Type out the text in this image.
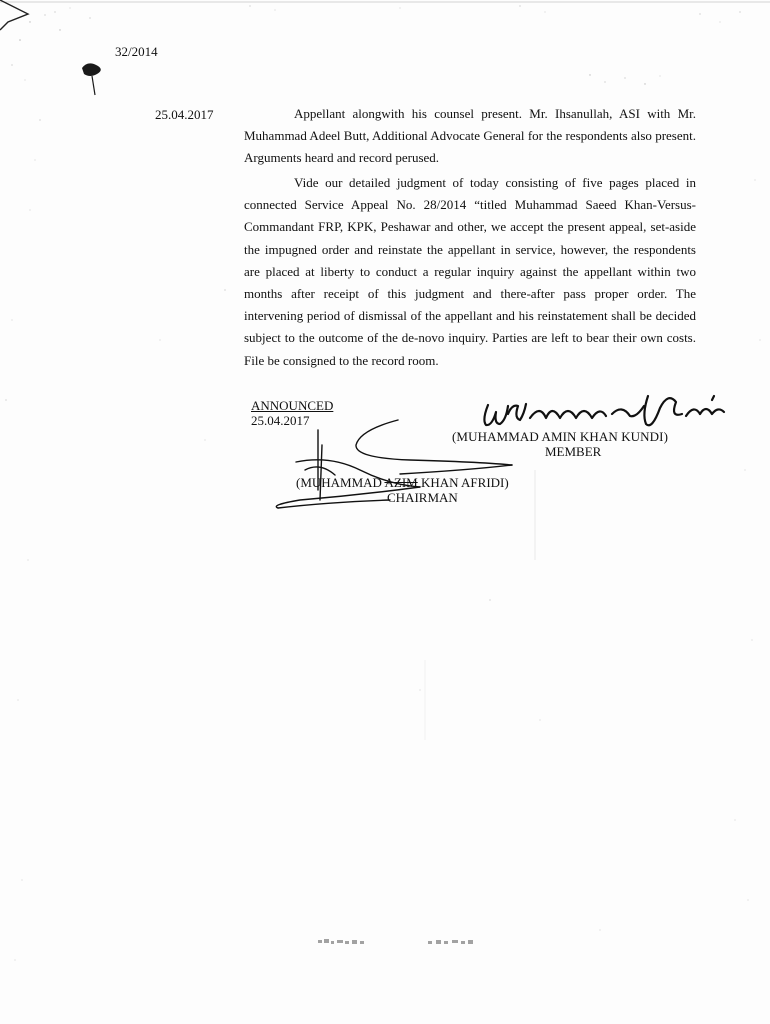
32/2014
25.04.2017	Appellant alongwith his counsel present. Mr. Ihsanullah, ASI with Mr. Muhammad Adeel Butt, Additional Advocate General for the respondents also present. Arguments heard and record perused.
Vide our detailed judgment of today consisting of five pages placed in connected Service Appeal No. 28/2014 “titled Muhammad Saeed Khan-Versus-Commandant FRP, KPK, Peshawar and other, we accept the present appeal, set-aside the impugned order and reinstate the appellant in service, however, the respondents are placed at liberty to conduct a regular inquiry against the appellant within two months after receipt of this judgment and there-after pass proper order. The intervening period of dismissal of the appellant and his reinstatement shall be decided subject to the outcome of the de-novo inquiry. Parties are left to bear their own costs. File be consigned to the record room.
ANNOUNCED
25.04.2017
(MUHAMMAD AMIN KHAN KUNDI)
MEMBER
(MUHAMMAD AZIM KHAN AFRIDI)
CHAIRMAN
